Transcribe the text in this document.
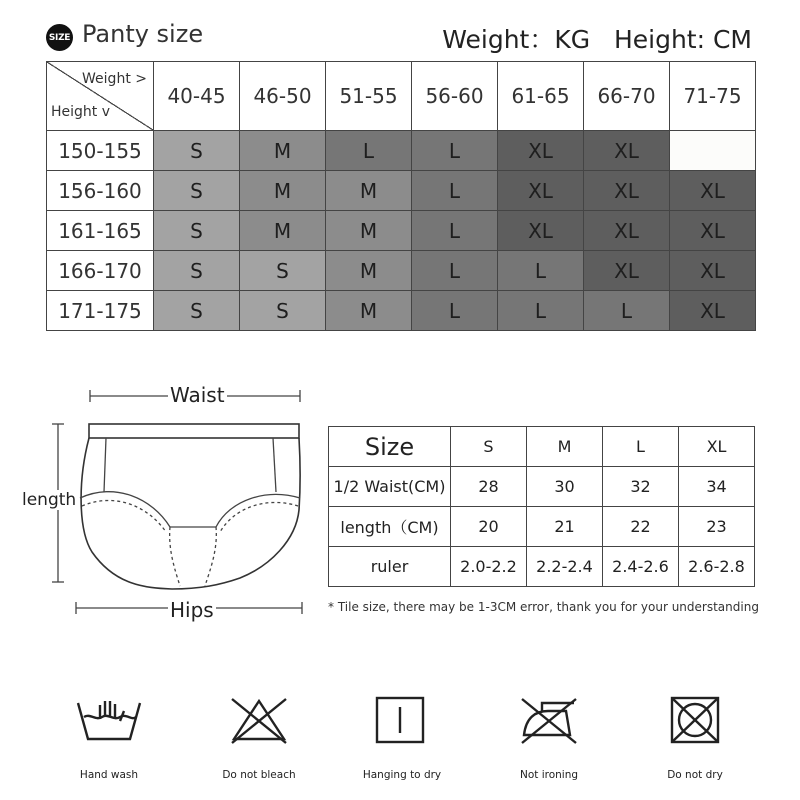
SIZE Panty size	Weight：KG   Height: CM
Weight >
Height v	40-45	46-50	51-55	56-60	61-65	66-70	71-75
150-155	S	M	L	L	XL	XL	
156-160	S	M	M	L	XL	XL	XL
161-165	S	M	M	L	XL	XL	XL
166-170	S	S	M	L	L	XL	XL
171-175	S	S	M	L	L	L	XL
Waist
length
Hips
Size	S	M	L	XL
1/2 Waist(CM)	28	30	32	34
length（CM)	20	21	22	23
ruler	2.0-2.2	2.2-2.4	2.4-2.6	2.6-2.8
* Tile size, there may be 1-3CM error, thank you for your understanding
Hand wash	Do not bleach	Hanging to dry	Not ironing	Do not dry
